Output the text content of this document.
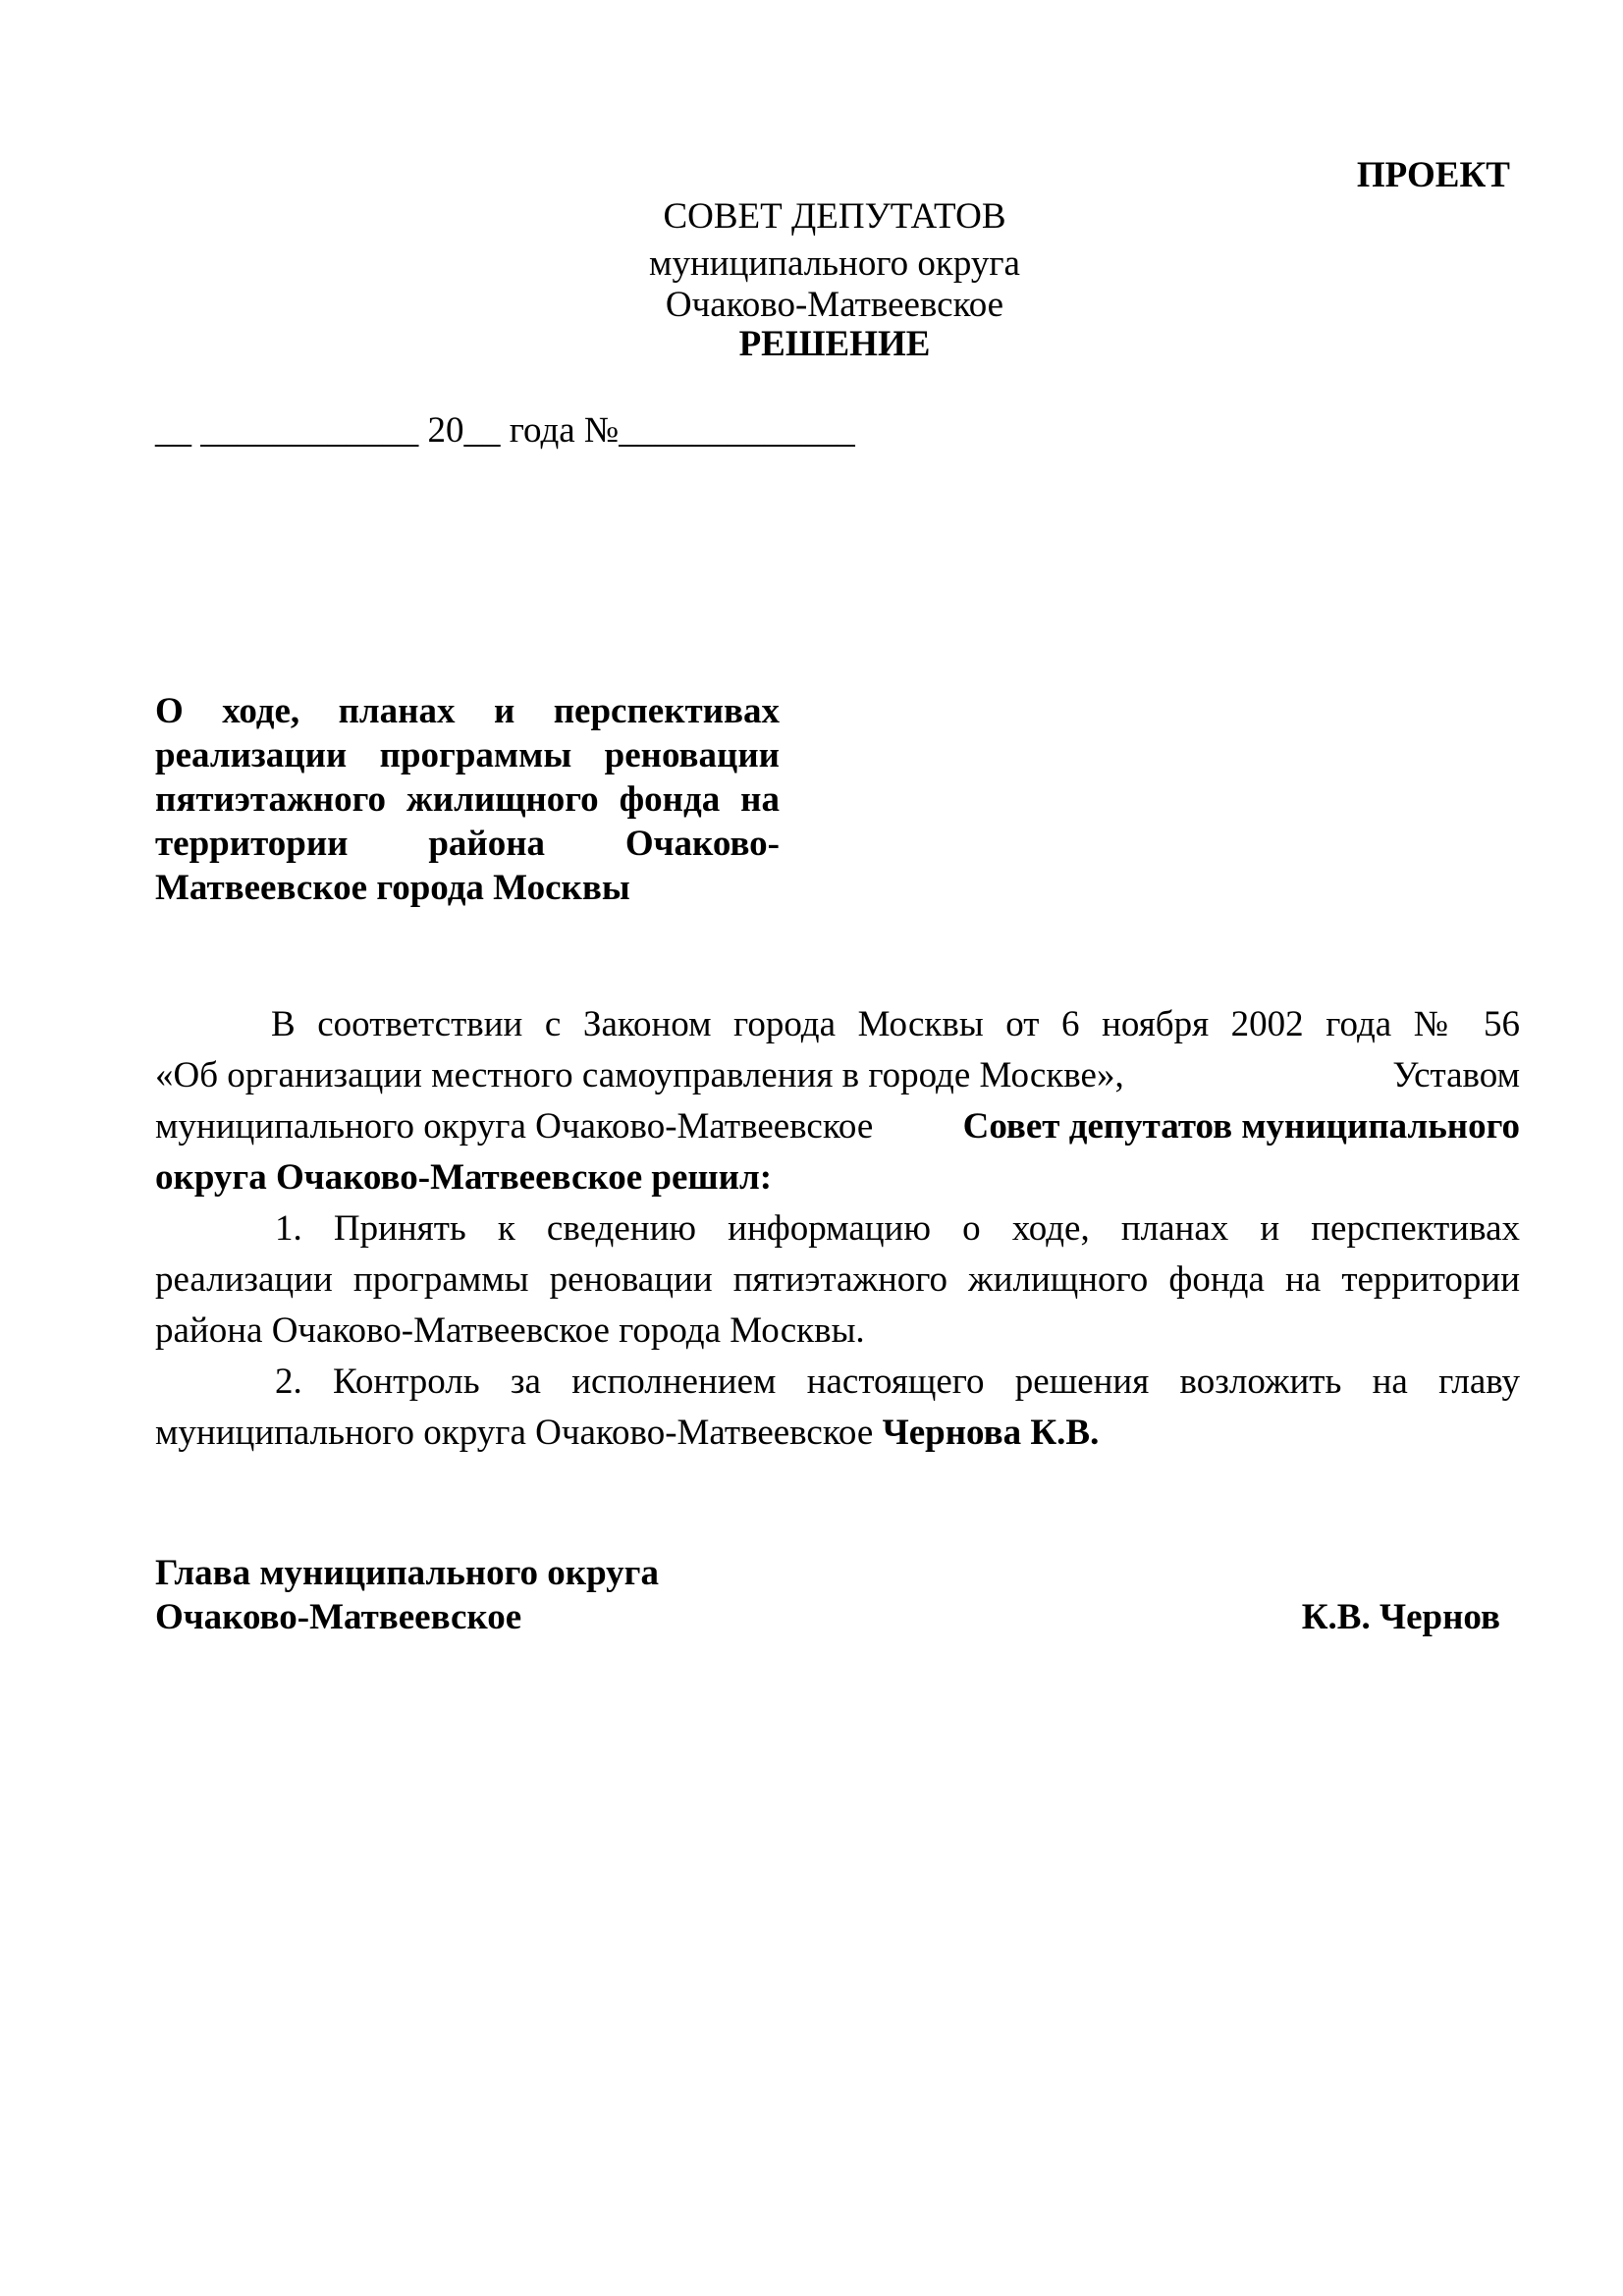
ПРОЕКТ
СОВЕТ ДЕПУТАТОВ
муниципального округа
Очаково-Матвеевское
РЕШЕНИЕ
__ ____________ 20__ года №_____________
О ходе, планах и перспективах
реализации программы реновации
пятиэтажного жилищного фонда на
территории района Очаково-
Матвеевское города Москвы
В соответствии с Законом города Москвы от 6 ноября 2002 года № 56
«Об организации местного самоуправления в городе Москве»,	Уставом
муниципального округа Очаково-Матвеевское Совет депутатов муниципального
округа Очаково-Матвеевское решил:
1. Принять к сведению информацию о ходе, планах и перспективах
реализации программы реновации пятиэтажного жилищного фонда на территории
района Очаково-Матвеевское города Москвы.
2. Контроль за исполнением настоящего решения возложить на главу
муниципального округа Очаково-Матвеевское Чернова К.В.
Глава муниципального округа
Очаково-Матвеевское	К.В. Чернов
